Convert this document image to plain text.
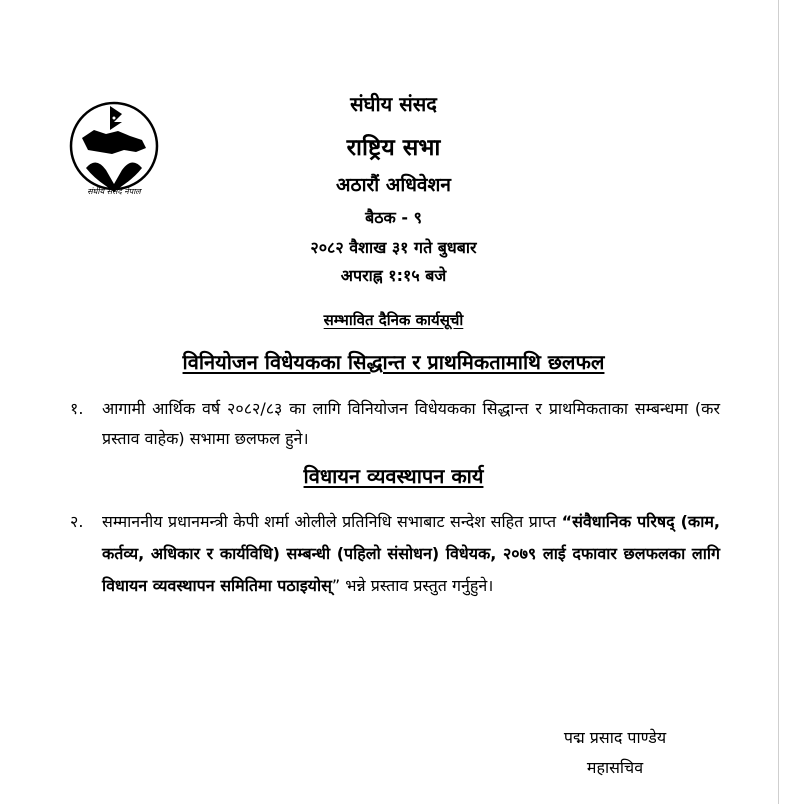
संघीय संसद नेपाल
संघीय संसद
राष्ट्रिय सभा
अठारौं अधिवेशन
बैठक - ९
२०८२ वैशाख ३१ गते बुधबार
अपराह्न १:१५ बजे
सम्भावित दैनिक कार्यसूची
विनियोजन विधेयकका सिद्धान्त र प्राथमिकतामाथि छलफल
१. आगामी आर्थिक वर्ष २०८२/८३ का लागि विनियोजन विधेयकका सिद्धान्त र प्राथमिकताका सम्बन्धमा (कर प्रस्ताव वाहेक) सभामा छलफल हुने।
विधायन व्यवस्थापन कार्य
२. सम्माननीय प्रधानमन्त्री केपी शर्मा ओलीले प्रतिनिधि सभाबाट सन्देश सहित प्राप्त “संवैधानिक परिषद् (काम, कर्तव्य, अधिकार र कार्यविधि) सम्बन्धी (पहिलो संसोधन) विधेयक, २०७९ लाई दफावार छलफलका लागि विधायन व्यवस्थापन समितिमा पठाइयोस्” भन्ने प्रस्ताव प्रस्तुत गर्नुहुने।
पद्म प्रसाद पाण्डेय
महासचिव
